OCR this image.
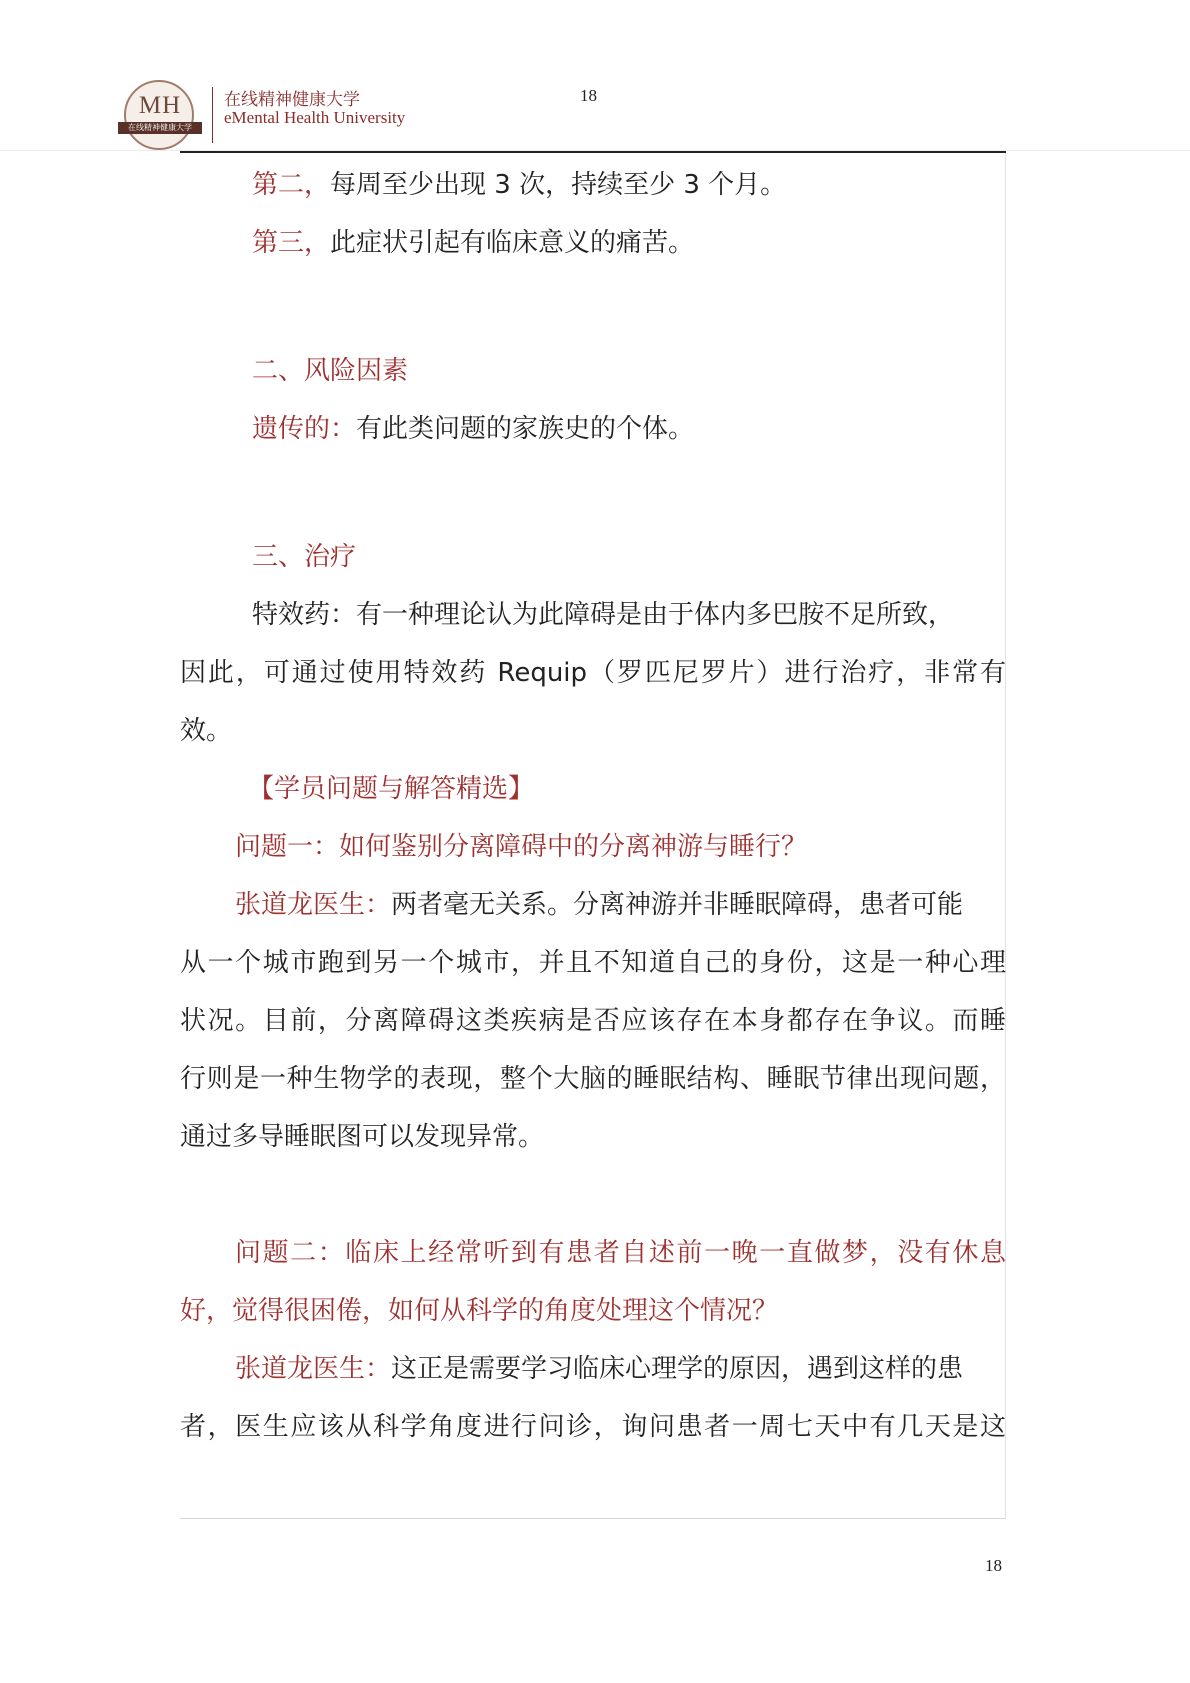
MH
在线精神健康大学
在线精神健康大学
eMental Health University
18
第二，每周至少出现 3 次，持续至少 3 个月。
第三，此症状引起有临床意义的痛苦。
二、风险因素
遗传的：有此类问题的家族史的个体。
三、治疗
特效药：有一种理论认为此障碍是由于体内多巴胺不足所致，
因此，可通过使用特效药 Requip（罗匹尼罗片）进行治疗，非常有
效。
【学员问题与解答精选】
问题一：如何鉴别分离障碍中的分离神游与睡行？
张道龙医生：两者毫无关系。分离神游并非睡眠障碍，患者可能
从一个城市跑到另一个城市，并且不知道自己的身份，这是一种心理
状况。目前，分离障碍这类疾病是否应该存在本身都存在争议。而睡
行则是一种生物学的表现，整个大脑的睡眠结构、睡眠节律出现问题，
通过多导睡眠图可以发现异常。
问题二：临床上经常听到有患者自述前一晚一直做梦，没有休息
好，觉得很困倦，如何从科学的角度处理这个情况？
张道龙医生：这正是需要学习临床心理学的原因，遇到这样的患
者，医生应该从科学角度进行问诊，询问患者一周七天中有几天是这
18
